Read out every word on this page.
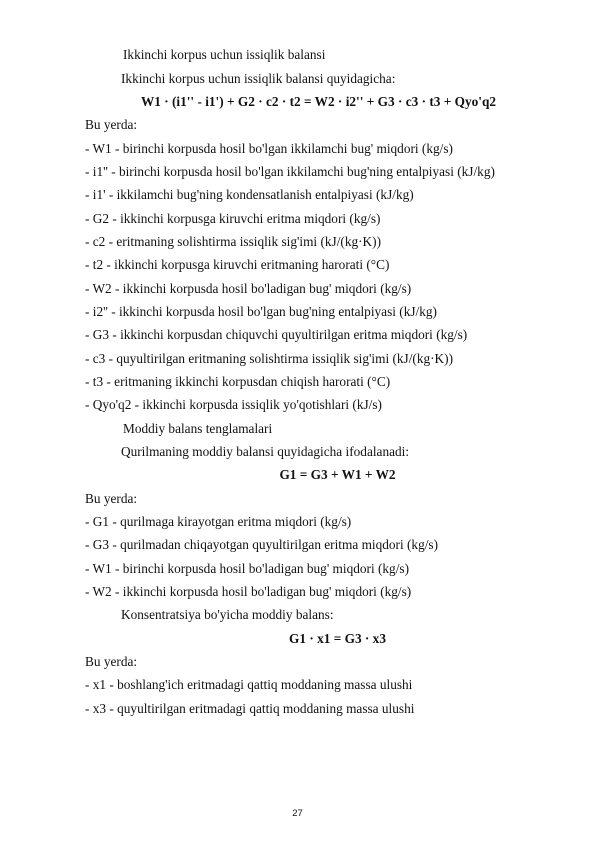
Ikkinchi korpus uchun issiqlik balansi
Ikkinchi korpus uchun issiqlik balansi quyidagicha:
W1 · (i1'' - i1') + G2 · c2 · t2 = W2 · i2'' + G3 · c3 · t3 + Qyo'q2
Bu yerda:
- W1 - birinchi korpusda hosil bo'lgan ikkilamchi bug' miqdori (kg/s)
- i1'' - birinchi korpusda hosil bo'lgan ikkilamchi bug'ning entalpiyasi (kJ/kg)
- i1' - ikkilamchi bug'ning kondensatlanish entalpiyasi (kJ/kg)
- G2 - ikkinchi korpusga kiruvchi eritma miqdori (kg/s)
- c2 - eritmaning solishtirma issiqlik sig'imi (kJ/(kg·K))
- t2 - ikkinchi korpusga kiruvchi eritmaning harorati (°C)
- W2 - ikkinchi korpusda hosil bo'ladigan bug' miqdori (kg/s)
- i2'' - ikkinchi korpusda hosil bo'lgan bug'ning entalpiyasi (kJ/kg)
- G3 - ikkinchi korpusdan chiquvchi quyultirilgan eritma miqdori (kg/s)
- c3 - quyultirilgan eritmaning solishtirma issiqlik sig'imi (kJ/(kg·K))
- t3 - eritmaning ikkinchi korpusdan chiqish harorati (°C)
- Qyo'q2 - ikkinchi korpusda issiqlik yo'qotishlari (kJ/s)
Moddiy balans tenglamalari
Qurilmaning moddiy balansi quyidagicha ifodalanadi:
G1 = G3 + W1 + W2
Bu yerda:
- G1 - qurilmaga kirayotgan eritma miqdori (kg/s)
- G3 - qurilmadan chiqayotgan quyultirilgan eritma miqdori (kg/s)
- W1 - birinchi korpusda hosil bo'ladigan bug' miqdori (kg/s)
- W2 - ikkinchi korpusda hosil bo'ladigan bug' miqdori (kg/s)
Konsentratsiya bo'yicha moddiy balans:
G1 · x1 = G3 · x3
Bu yerda:
- x1 - boshlang'ich eritmadagi qattiq moddaning massa ulushi
- x3 - quyultirilgan eritmadagi qattiq moddaning massa ulushi
27
